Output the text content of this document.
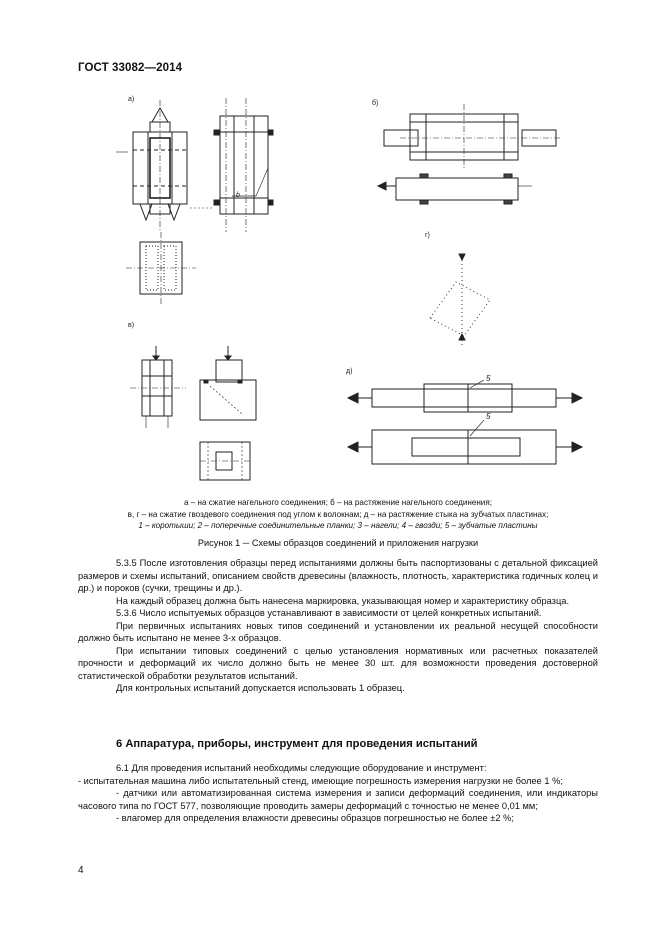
ГОСТ 33082—2014
а)
б)
г)
в)
д)
b
5
5
а – на сжатие нагельного соединения; б – на растяжение нагельного соединения;
в, г – на сжатие гвоздевого соединения под углом к волокнам; д – на растяжение стыка на зубчатых пластинах;
1 – коротыши; 2 – поперечные соединительные планки; 3 – нагели; 4 – гвозди; 5 – зубчатые пластины
Рисунок 1 ─ Схемы образцов соединений и приложения нагрузки

5.3.5 После изготовления образцы перед испытаниями должны быть паспортизованы с детальной фиксацией размеров и схемы испытаний, описанием свойств древесины (влажность, плотность, характеристика годичных колец и др.) и пороков (сучки, трещины и др.).

На каждый образец должна быть нанесена маркировка, указывающая номер и характеристику образца.

5.3.6 Число испытуемых образцов устанавливают в зависимости от целей конкретных испытаний.

При первичных испытаниях новых типов соединений и установлении их реальной несущей способности должно быть испытано не менее 3-х образцов.

При испытании типовых соединений с целью установления нормативных или расчетных показателей прочности и деформаций их число должно быть не менее 30 шт. для возможности проведения достоверной статистической обработки результатов испытаний.

Для контрольных испытаний допускается использовать 1 образец.

6 Аппаратура, приборы, инструмент для проведения испытаний

6.1 Для проведения испытаний необходимы следующие оборудование и инструмент:

- испытательная машина либо испытательный стенд, имеющие погрешность измерения нагрузки не более 1 %;

- датчики или автоматизированная система измерения и записи деформаций соединения, или индикаторы часового типа по ГОСТ 577, позволяющие проводить замеры деформаций с точностью не менее 0,01 мм;

- влагомер для определения влажности древесины образцов погрешностью не более ±2 %;

4
